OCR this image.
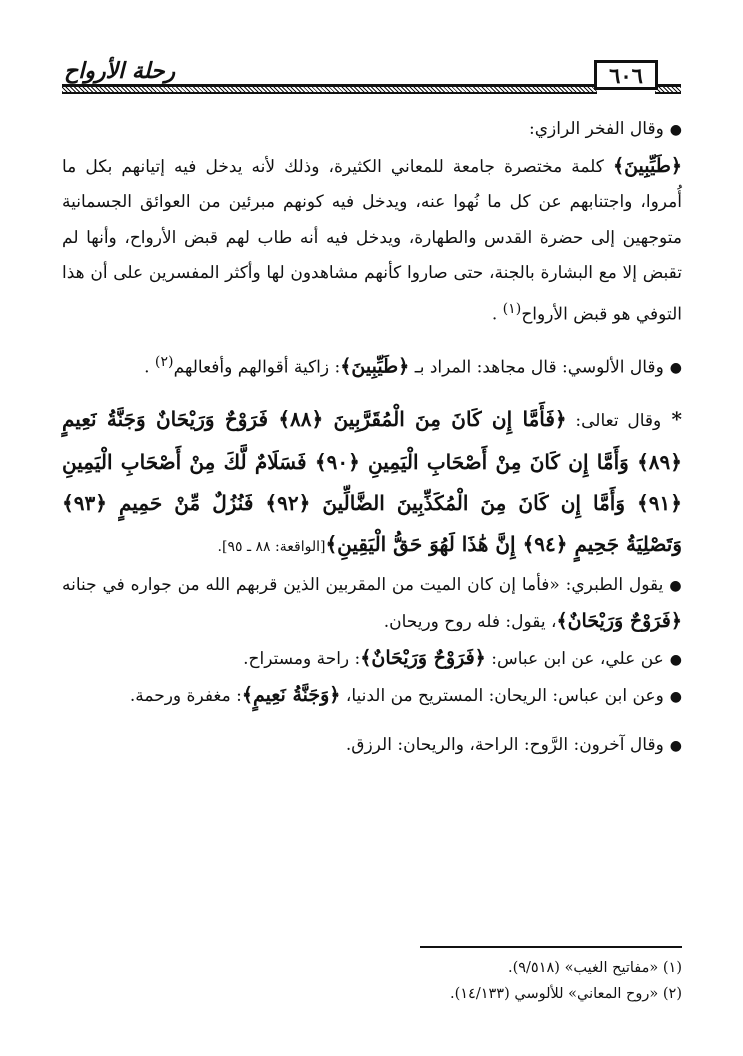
٦٠٦
رحلة الأرواح

●وقال الفخر الرازي:

﴿طَيِّبِينَ﴾ كلمة مختصرة جامعة للمعاني الكثيرة، وذلك لأنه يدخل فيه إتيانهم بكل ما أُمروا، واجتنابهم عن كل ما نُهوا عنه، ويدخل فيه كونهم مبرئين من العوائق الجسمانية متوجهين إلى حضرة القدس والطهارة، ويدخل فيه أنه طاب لهم قبض الأرواح، وأنها لم تقبض إلا مع البشارة بالجنة، حتى صاروا كأنهم مشاهدون لها وأكثر المفسرين على أن هذا التوفي هو قبض الأرواح$^{(١)}$ .

●وقال الألوسي: قال مجاهد: المراد بـ ﴿طَيِّبِينَ﴾: زاكية أقوالهم وأفعالهم$^{(٢)}$ .

* وقال تعالى: ﴿فَأَمَّا إِن كَانَ مِنَ الْمُقَرَّبِينَ ﴿٨٨﴾ فَرَوْحٌ وَرَيْحَانٌ وَجَنَّةُ نَعِيمٍ ﴿٨٩﴾ وَأَمَّا إِن كَانَ مِنْ أَصْحَابِ الْيَمِينِ ﴿٩٠﴾ فَسَلَامٌ لَّكَ مِنْ أَصْحَابِ الْيَمِينِ ﴿٩١﴾ وَأَمَّا إِن كَانَ مِنَ الْمُكَذِّبِينَ الضَّالِّينَ ﴿٩٢﴾ فَنُزُلٌ مِّنْ حَمِيمٍ ﴿٩٣﴾ وَتَصْلِيَةُ جَحِيمٍ ﴿٩٤﴾ إِنَّ هَٰذَا لَهُوَ حَقُّ الْيَقِينِ﴾[الواقعة: ٨٨ ـ ٩٥].

●يقول الطبري: «فأما إن كان الميت من المقربين الذين قربهم الله من جواره في جنانه ﴿فَرَوْحٌ وَرَيْحَانٌ﴾، يقول: فله روح وريحان.

●عن علي، عن ابن عباس: ﴿فَرَوْحٌ وَرَيْحَانٌ﴾: راحة ومستراح.

●وعن ابن عباس: الريحان: المستريح من الدنيا، ﴿وَجَنَّةُ نَعِيمٍ﴾: مغفرة ورحمة.

●وقال آخرون: الرَّوح: الراحة، والريحان: الرزق.

(١) «مفاتيح الغيب» (٩/٥١٨).
(٢) «روح المعاني» للألوسي (١٤/١٣٣).
